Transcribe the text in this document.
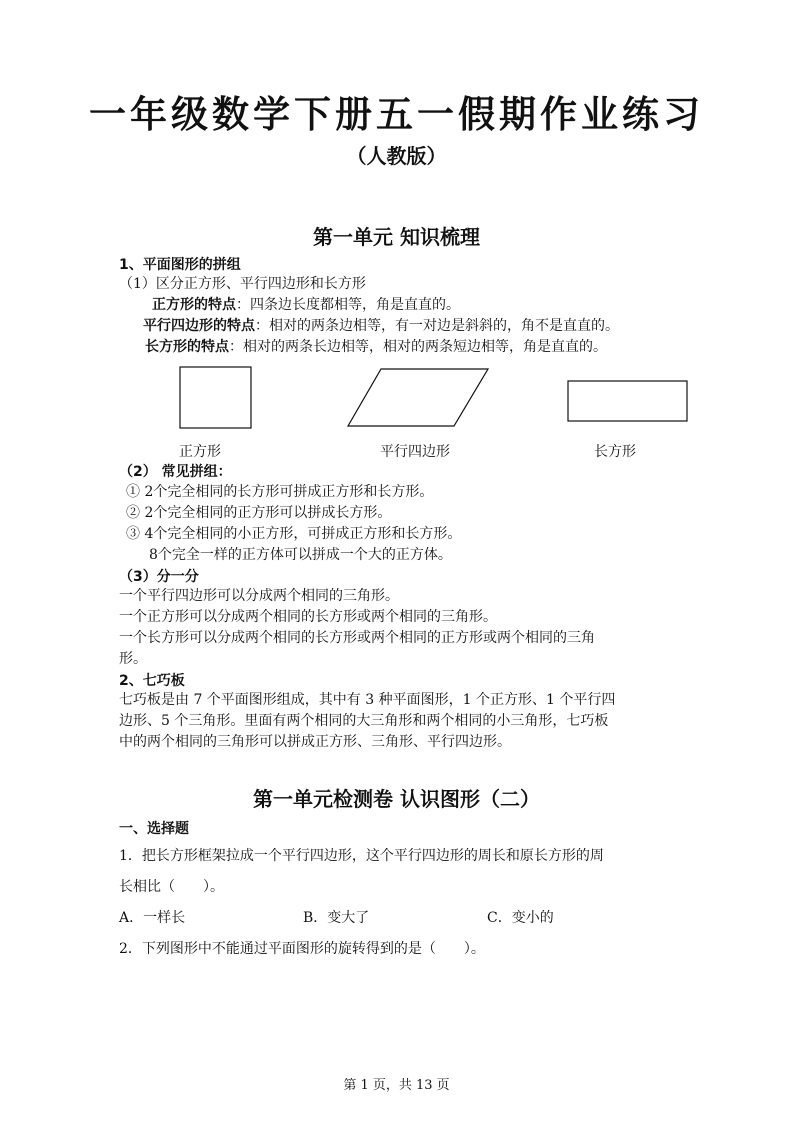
一年级数学下册五一假期作业练习
（人教版）
第一单元 知识梳理
1、平面图形的拼组
（1）区分正方形、平行四边形和长方形
正方形的特点：四条边长度都相等，角是直直的。
平行四边形的特点：相对的两条边相等，有一对边是斜斜的，角不是直直的。
长方形的特点：相对的两条长边相等，相对的两条短边相等，角是直直的。
正方形	平行四边形	长方形
（2） 常见拼组：
① 2个完全相同的长方形可拼成正方形和长方形。
② 2个完全相同的正方形可以拼成长方形。
③ 4个完全相同的小正方形，可拼成正方形和长方形。
8个完全一样的正方体可以拼成一个大的正方体。
（3）分一分
一个平行四边形可以分成两个相同的三角形。
一个正方形可以分成两个相同的长方形或两个相同的三角形。
一个长方形可以分成两个相同的长方形或两个相同的正方形或两个相同的三角
形。
2、七巧板
七巧板是由 7 个平面图形组成，其中有 3 种平面图形，1 个正方形、1 个平行四
边形、5 个三角形。里面有两个相同的大三角形和两个相同的小三角形，七巧板
中的两个相同的三角形可以拼成正方形、三角形、平行四边形。
第一单元检测卷 认识图形（二）
一、选择题
1．把长方形框架拉成一个平行四边形，这个平行四边形的周长和原长方形的周
长相比（　　）。
A．一样长	B．变大了	C．变小的
2．下列图形中不能通过平面图形的旋转得到的是（　　）。
第 1 页，共 13 页
